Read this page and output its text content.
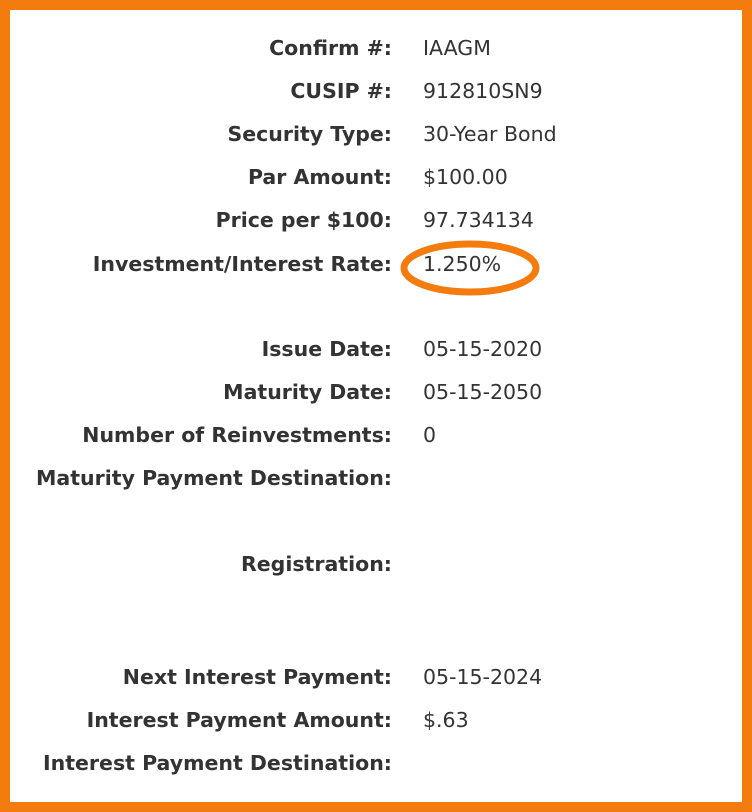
Confirm #: IAAGM
CUSIP #: 912810SN9
Security Type: 30-Year Bond
Par Amount: $100.00
Price per $100: 97.734134
Investment/Interest Rate: 1.250%
Issue Date: 05-15-2020
Maturity Date: 05-15-2050
Number of Reinvestments: 0
Maturity Payment Destination:
Registration:
Next Interest Payment: 05-15-2024
Interest Payment Amount: $.63
Interest Payment Destination:
